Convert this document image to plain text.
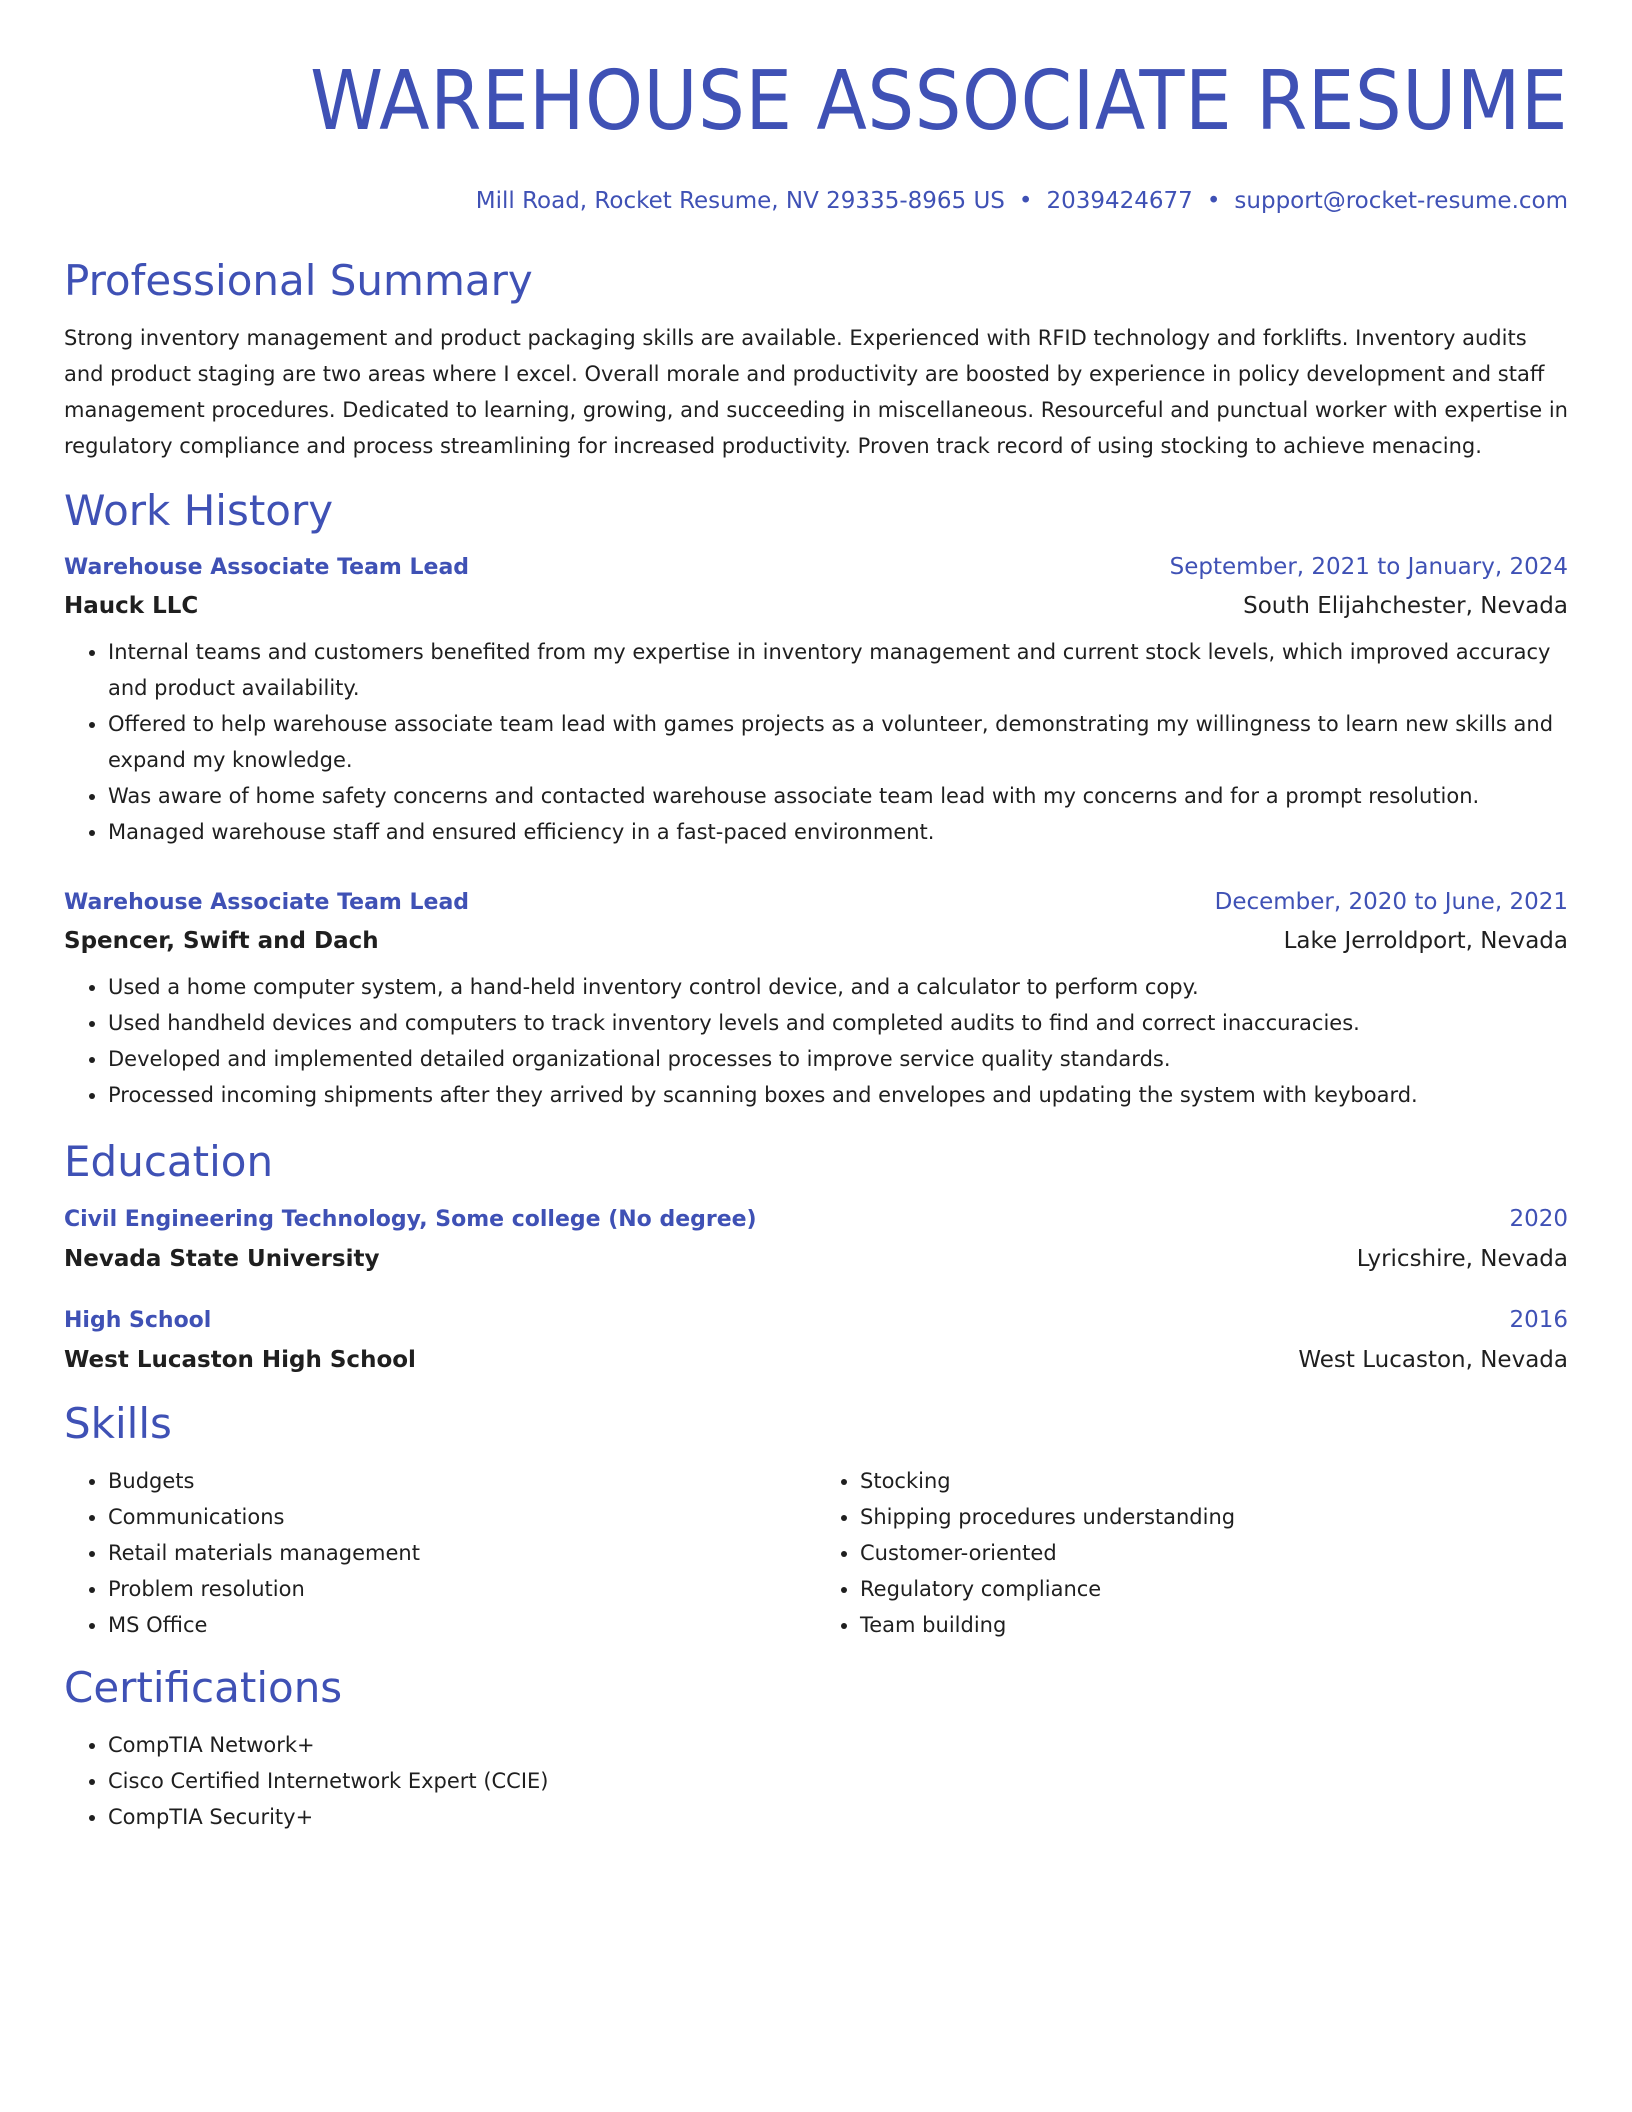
WAREHOUSE ASSOCIATE RESUME
Mill Road, Rocket Resume, NV 29335-8965 US • 2039424677 • support@rocket-resume.com
Professional Summary

Strong inventory management and product packaging skills are available. Experienced with RFID technology and forklifts. Inventory audits and product staging are two areas where I excel. Overall morale and productivity are boosted by experience in policy development and staff management procedures. Dedicated to learning, growing, and succeeding in miscellaneous. Resourceful and punctual worker with expertise in regulatory compliance and process streamlining for increased productivity. Proven track record of using stocking to achieve menacing.

Work History
Warehouse Associate Team Lead	September, 2021 to January, 2024
Hauck LLC	South Elijahchester, Nevada
• Internal teams and customers benefited from my expertise in inventory management and current stock levels, which improved accuracy and product availability.
• Offered to help warehouse associate team lead with games projects as a volunteer, demonstrating my willingness to learn new skills and expand my knowledge.
• Was aware of home safety concerns and contacted warehouse associate team lead with my concerns and for a prompt resolution.
• Managed warehouse staff and ensured efficiency in a fast-paced environment.
Warehouse Associate Team Lead	December, 2020 to June, 2021
Spencer, Swift and Dach	Lake Jerroldport, Nevada
• Used a home computer system, a hand-held inventory control device, and a calculator to perform copy.
• Used handheld devices and computers to track inventory levels and completed audits to find and correct inaccuracies.
• Developed and implemented detailed organizational processes to improve service quality standards.
• Processed incoming shipments after they arrived by scanning boxes and envelopes and updating the system with keyboard.
Education
Civil Engineering Technology, Some college (No degree)	2020
Nevada State University	Lyricshire, Nevada
High School	2016
West Lucaston High School	West Lucaston, Nevada
Skills
• Budgets
• Communications
• Retail materials management
• Problem resolution
• MS Office
• Stocking
• Shipping procedures understanding
• Customer-oriented
• Regulatory compliance
• Team building
Certifications
• CompTIA Network+
• Cisco Certified Internetwork Expert (CCIE)
• CompTIA Security+
